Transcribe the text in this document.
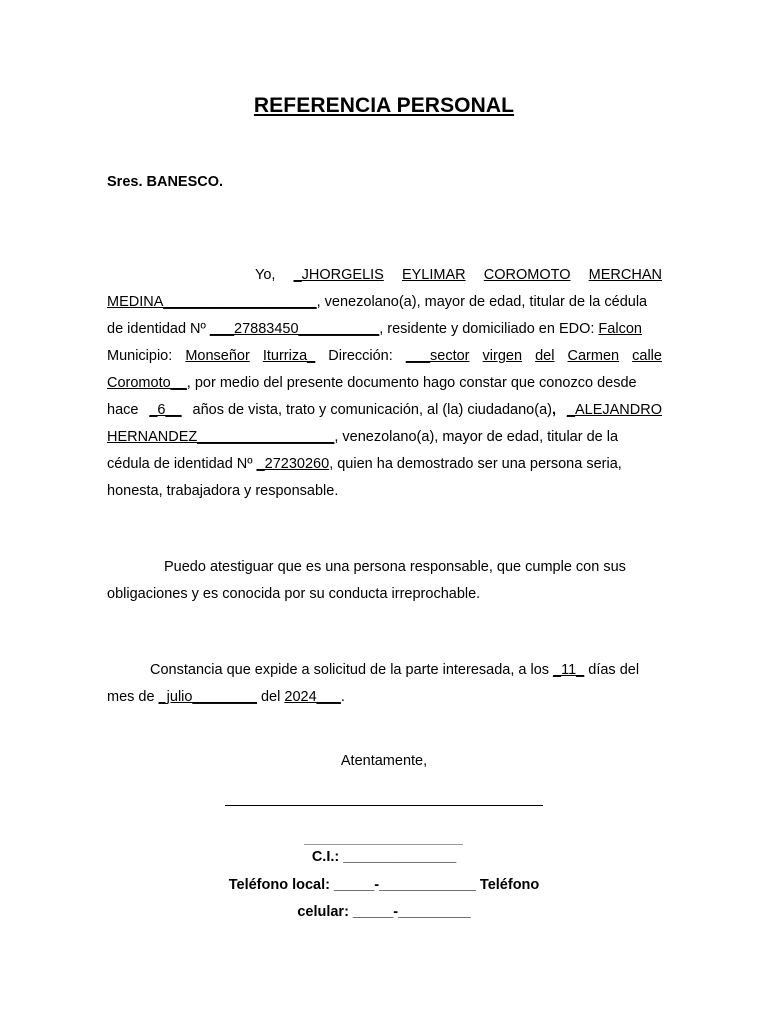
REFERENCIA PERSONAL
Sres. BANESCO.
Yo, _JHORGELIS EYLIMAR COROMOTO MERCHAN
MEDINA___________________, venezolano(a), mayor de edad, titular de la cédula
de identidad Nº ___27883450__________, residente y domiciliado en EDO: Falcon
Municipio: Monseñor Iturriza_ Dirección: ___sector virgen del Carmen calle
Coromoto__, por medio del presente documento hago constar que conozco desde
hace _6__ años de vista, trato y comunicación, al (la) ciudadano(a), _ALEJANDRO
HERNANDEZ_________________, venezolano(a), mayor de edad, titular de la
cédula de identidad Nº _27230260, quien ha demostrado ser una persona seria,
honesta, trabajadora y responsable.
Puedo atestiguar que es una persona responsable, que cumple con sus
obligaciones y es conocida por su conducta irreprochable.
Constancia que expide a solicitud de la parte interesada, a los _11_ días del
mes de _julio________ del 2024___.
Atentamente,
C.I.: ______________
Teléfono local: _____-____________ Teléfono
celular: _____-_________
